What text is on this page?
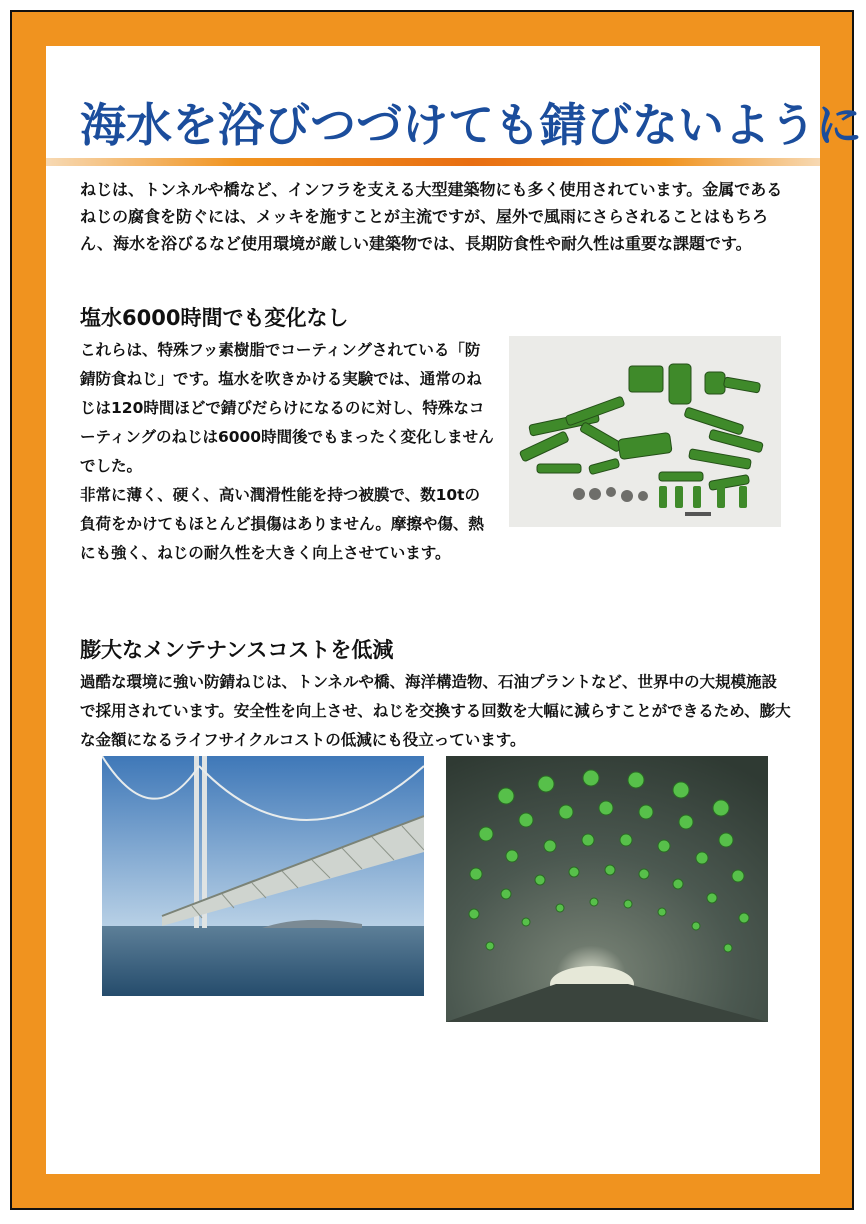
海水を浴びつづけても錆びないように

ねじは、トンネルや橋など、インフラを支える大型建築物にも多く使用されています。金属であるねじの腐食を防ぐには、メッキを施すことが主流ですが、屋外で風雨にさらされることはもちろん、海水を浴びるなど使用環境が厳しい建築物では、長期防食性や耐久性は重要な課題です。

塩水6000時間でも変化なし

これらは、特殊フッ素樹脂でコーティングされている「防錆防食ねじ」です。塩水を吹きかける実験では、通常のねじは120時間ほどで錆びだらけになるのに対し、特殊なコーティングのねじは6000時間後でもまったく変化しませんでした。

非常に薄く、硬く、高い潤滑性能を持つ被膜で、数10tの負荷をかけてもほとんど損傷はありません。摩擦や傷、熱にも強く、ねじの耐久性を大きく向上させています。

膨大なメンテナンスコストを低減

過酷な環境に強い防錆ねじは、トンネルや橋、海洋構造物、石油プラントなど、世界中の大規模施設で採用されています。安全性を向上させ、ねじを交換する回数を大幅に減らすことができるため、膨大な金額になるライフサイクルコストの低減にも役立っています。
